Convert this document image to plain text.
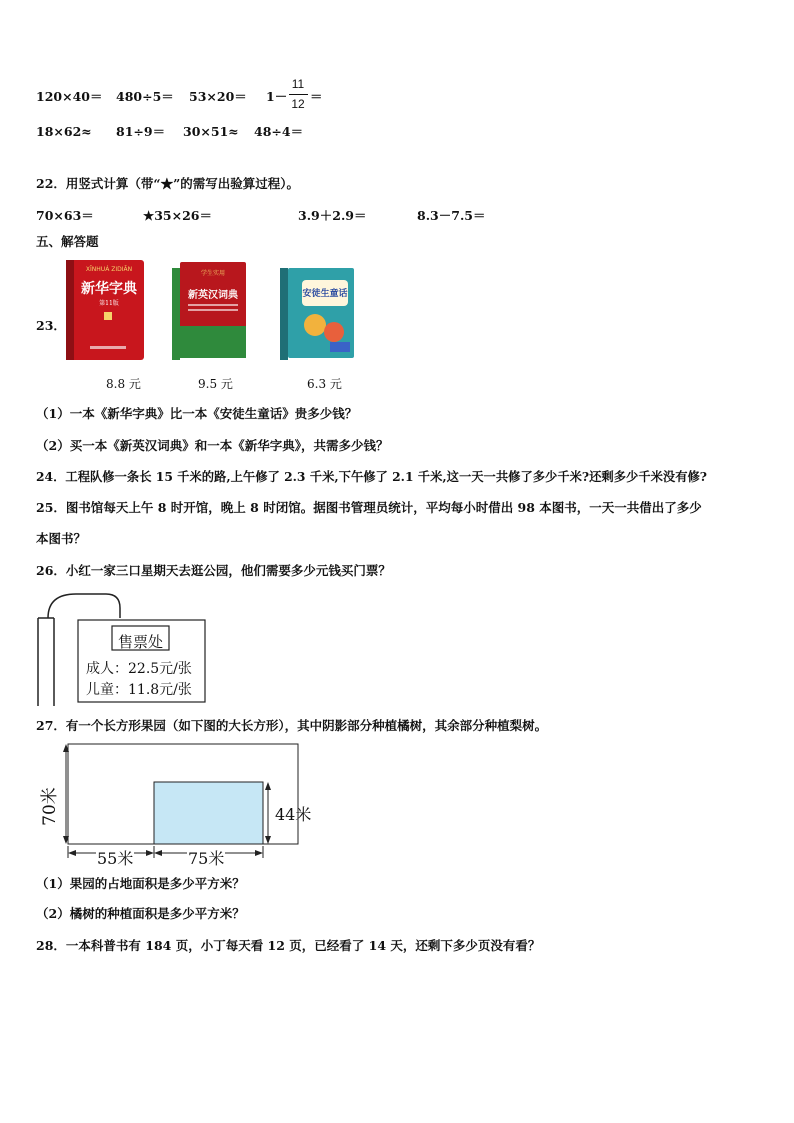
120×40＝ 480÷5＝ 53×20＝ 1－
11
12 ＝
18×62≈ 81÷9＝ 30×51≈ 48÷4＝
22．用竖式计算（带“★”的需写出验算过程）。
70×63＝	★35×26＝	3.9＋2.9＝	8.3－7.5＝
五、解答题
23．
XĪNHUÁ ZIDIĂN
新华字典
第11版
8.8 元
学生实用
新英汉词典
9.5 元
安徒生童话
6.3 元
（1）一本《新华字典》比一本《安徒生童话》贵多少钱？
（2）买一本《新英汉词典》和一本《新华字典》，共需多少钱？
24．工程队修一条长 15 千米的路,上午修了 2.3 千米,下午修了 2.1 千米,这一天一共修了多少千米?还剩多少千米没有修?
25．图书馆每天上午 8 时开馆，晚上 8 时闭馆。据图书管理员统计，平均每小时借出 98 本图书，一天一共借出了多少
本图书？
26．小红一家三口星期天去逛公园，他们需要多少元钱买门票？
售票处
成人：22.5元/张
儿童：11.8元/张
27．有一个长方形果园（如下图的大长方形），其中阴影部分种植橘树，其余部分种植梨树。
70米	44米
55米	75米
（1）果园的占地面积是多少平方米？
（2）橘树的种植面积是多少平方米？
28．一本科普书有 184 页，小丁每天看 12 页，已经看了 14 天，还剩下多少页没有看？
